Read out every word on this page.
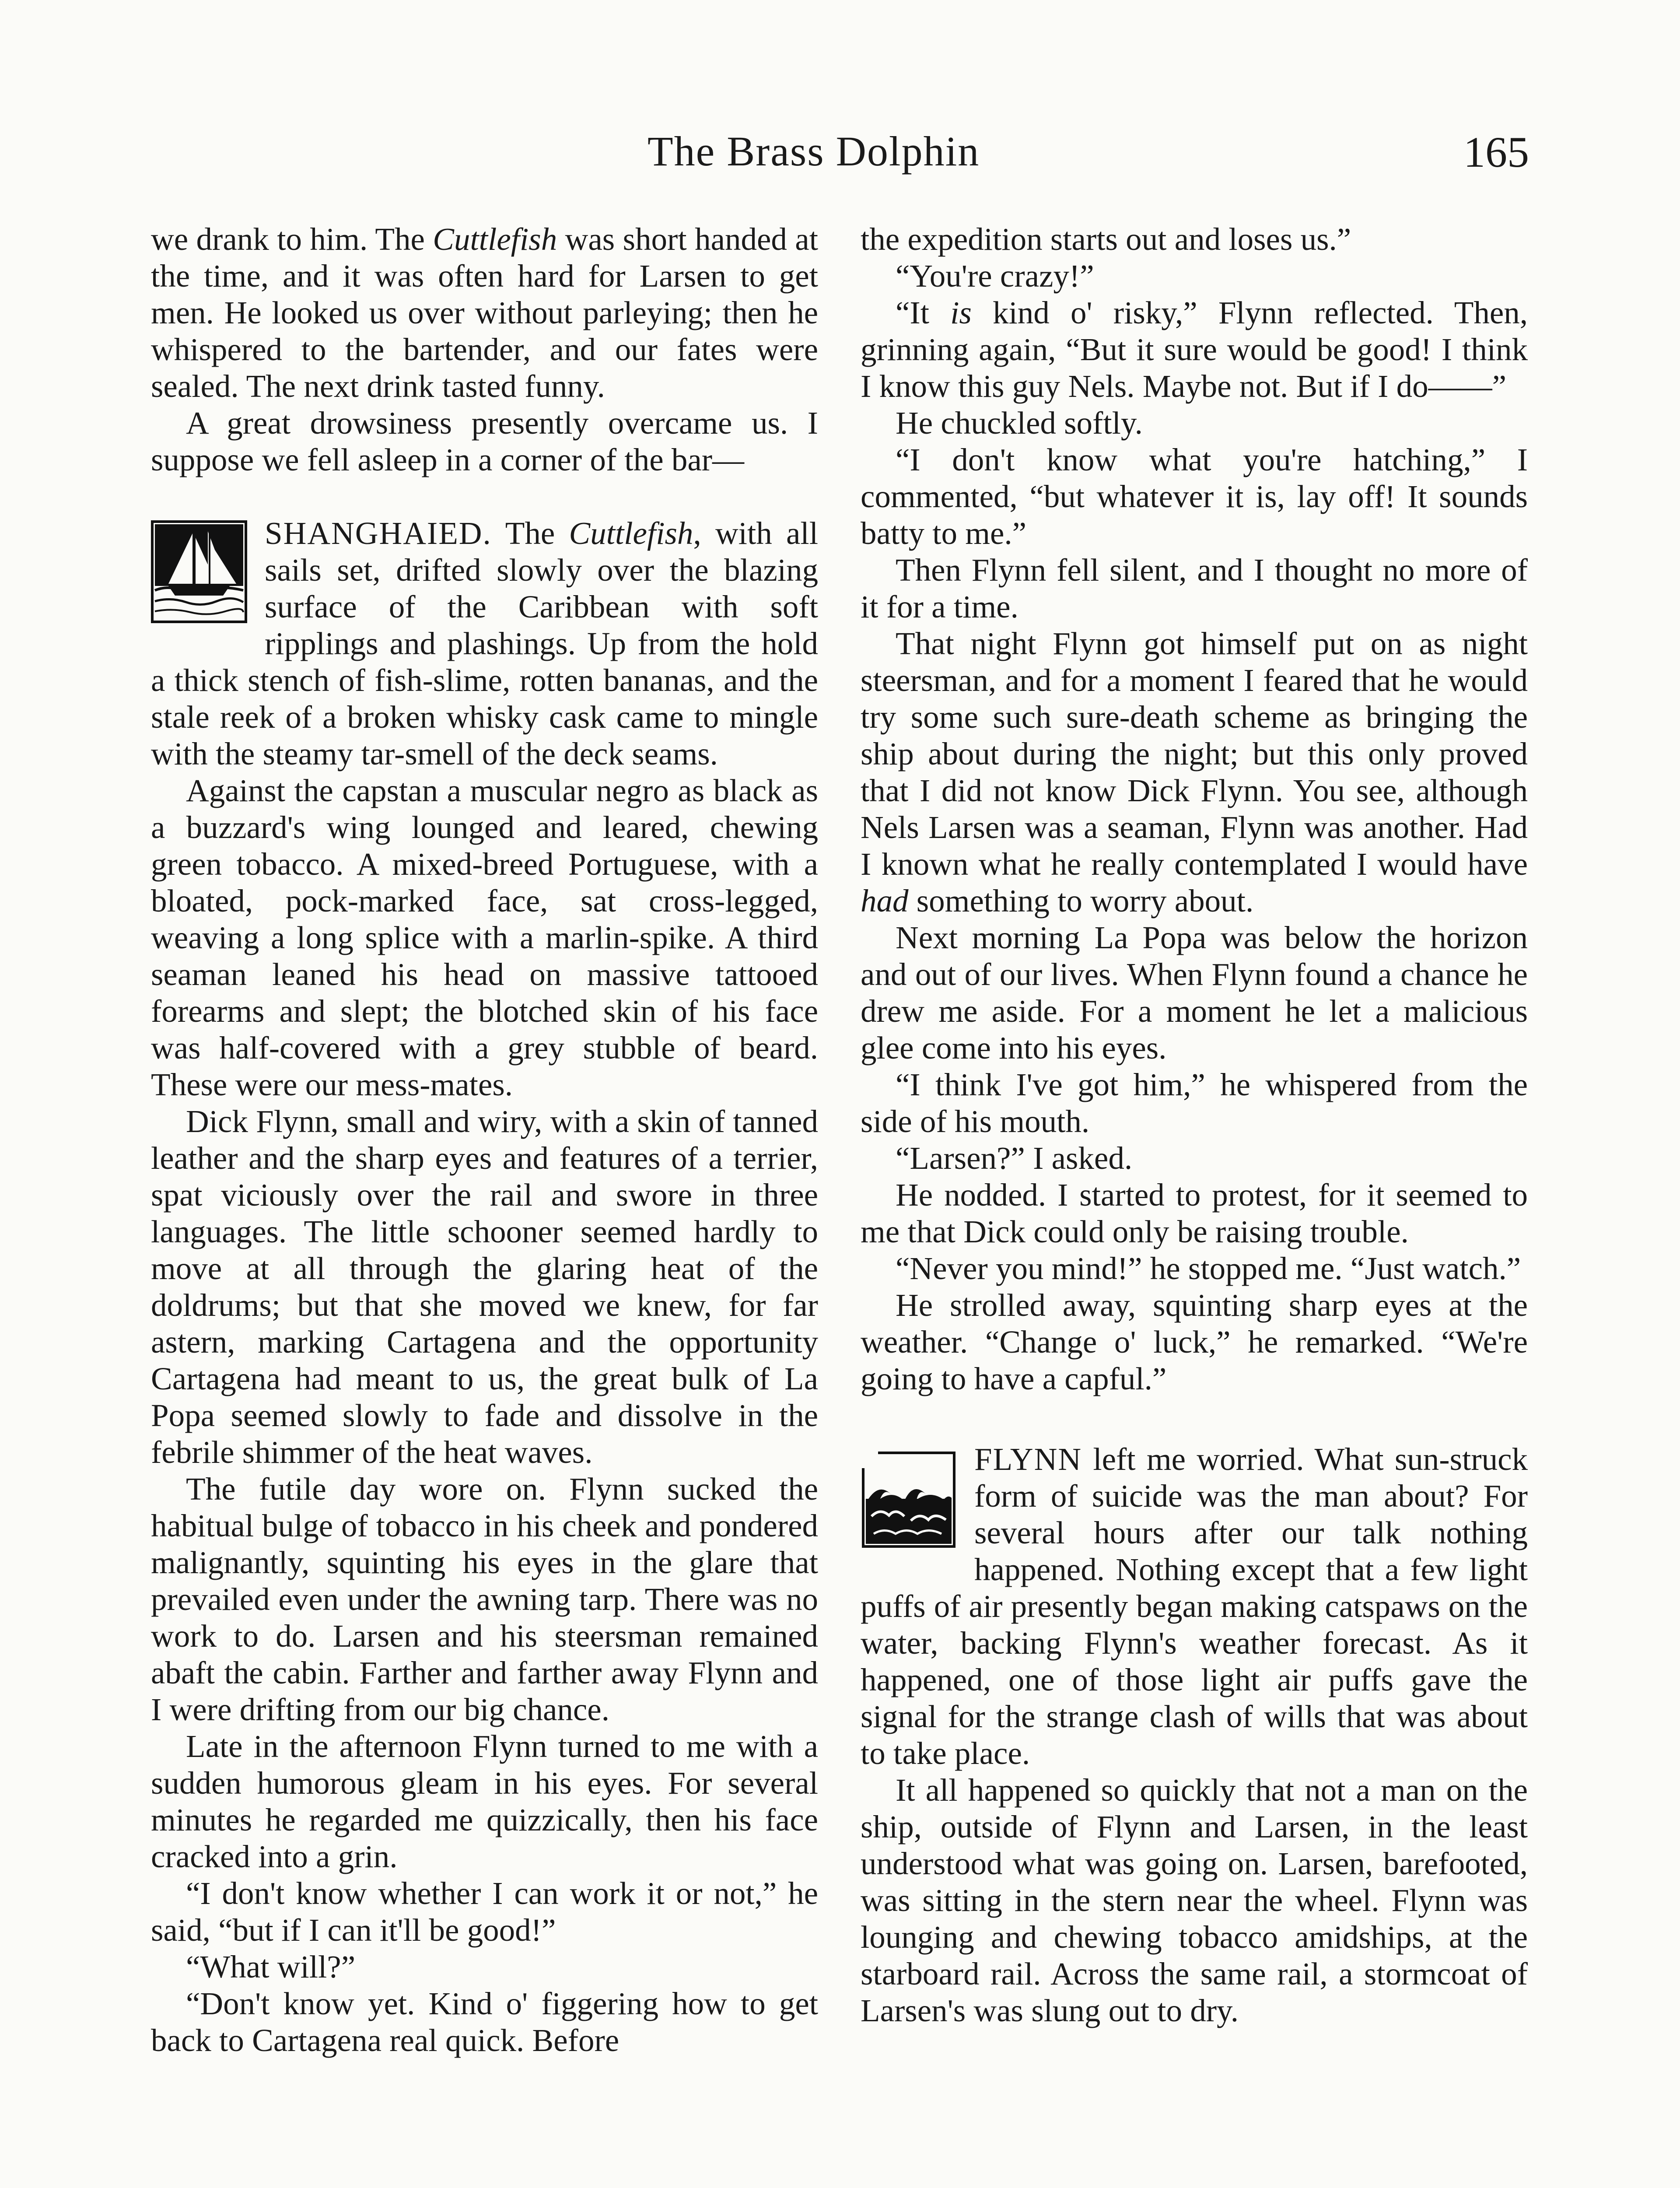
The Brass Dolphin	165

we drank to him. The Cuttlefish was short handed at the time, and it was often hard for Larsen to get men. He looked us over without parleying; then he whispered to the bartender, and our fates were sealed. The next drink tasted funny.

A great drowsiness presently overcame us. I suppose we fell asleep in a corner of the bar—

SHANGHAIED. The Cuttlefish, with all sails set, drifted slowly over the blazing surface of the Caribbean with soft ripplings and plashings. Up from the hold a thick stench of fish-slime, rotten bananas, and the stale reek of a broken whisky cask came to mingle with the steamy tar-smell of the deck seams.

Against the capstan a muscular negro as black as a buzzard's wing lounged and leared, chewing green tobacco. A mixed-breed Portuguese, with a bloated, pock-marked face, sat cross-legged, weaving a long splice with a marlin-spike. A third seaman leaned his head on massive tattooed forearms and slept; the blotched skin of his face was half-covered with a grey stubble of beard. These were our mess-mates.

Dick Flynn, small and wiry, with a skin of tanned leather and the sharp eyes and features of a terrier, spat viciously over the rail and swore in three languages. The little schooner seemed hardly to move at all through the glaring heat of the doldrums; but that she moved we knew, for far astern, marking Cartagena and the opportunity Cartagena had meant to us, the great bulk of La Popa seemed slowly to fade and dissolve in the febrile shimmer of the heat waves.

The futile day wore on. Flynn sucked the habitual bulge of tobacco in his cheek and pondered malignantly, squinting his eyes in the glare that prevailed even under the awning tarp. There was no work to do. Larsen and his steersman remained abaft the cabin. Farther and farther away Flynn and I were drifting from our big chance.

Late in the afternoon Flynn turned to me with a sudden humorous gleam in his eyes. For several minutes he regarded me quizzically, then his face cracked into a grin.

“I don't know whether I can work it or not,” he said, “but if I can it'll be good!”

“What will?”

“Don't know yet. Kind o' figgering how to get back to Cartagena real quick. Before

the expedition starts out and loses us.”

“You're crazy!”

“It is kind o' risky,” Flynn reflected. Then, grinning again, “But it sure would be good! I think I know this guy Nels. Maybe not. But if I do——”

He chuckled softly.

“I don't know what you're hatching,” I commented, “but whatever it is, lay off! It sounds batty to me.”

Then Flynn fell silent, and I thought no more of it for a time.

That night Flynn got himself put on as night steersman, and for a moment I feared that he would try some such sure-death scheme as bringing the ship about during the night; but this only proved that I did not know Dick Flynn. You see, although Nels Larsen was a seaman, Flynn was another. Had I known what he really contemplated I would have had something to worry about.

Next morning La Popa was below the horizon and out of our lives. When Flynn found a chance he drew me aside. For a moment he let a malicious glee come into his eyes.

“I think I've got him,” he whispered from the side of his mouth.

“Larsen?” I asked.

He nodded. I started to protest, for it seemed to me that Dick could only be raising trouble.

“Never you mind!” he stopped me. “Just watch.”

He strolled away, squinting sharp eyes at the weather. “Change o' luck,” he remarked. “We're going to have a capful.”

FLYNN left me worried. What sun-struck form of suicide was the man about? For several hours after our talk nothing happened. Nothing except that a few light puffs of air presently began making catspaws on the water, backing Flynn's weather forecast. As it happened, one of those light air puffs gave the signal for the strange clash of wills that was about to take place.

It all happened so quickly that not a man on the ship, outside of Flynn and Larsen, in the least understood what was going on. Larsen, barefooted, was sitting in the stern near the wheel. Flynn was lounging and chewing tobacco amidships, at the starboard rail. Across the same rail, a stormcoat of Larsen's was slung out to dry.
